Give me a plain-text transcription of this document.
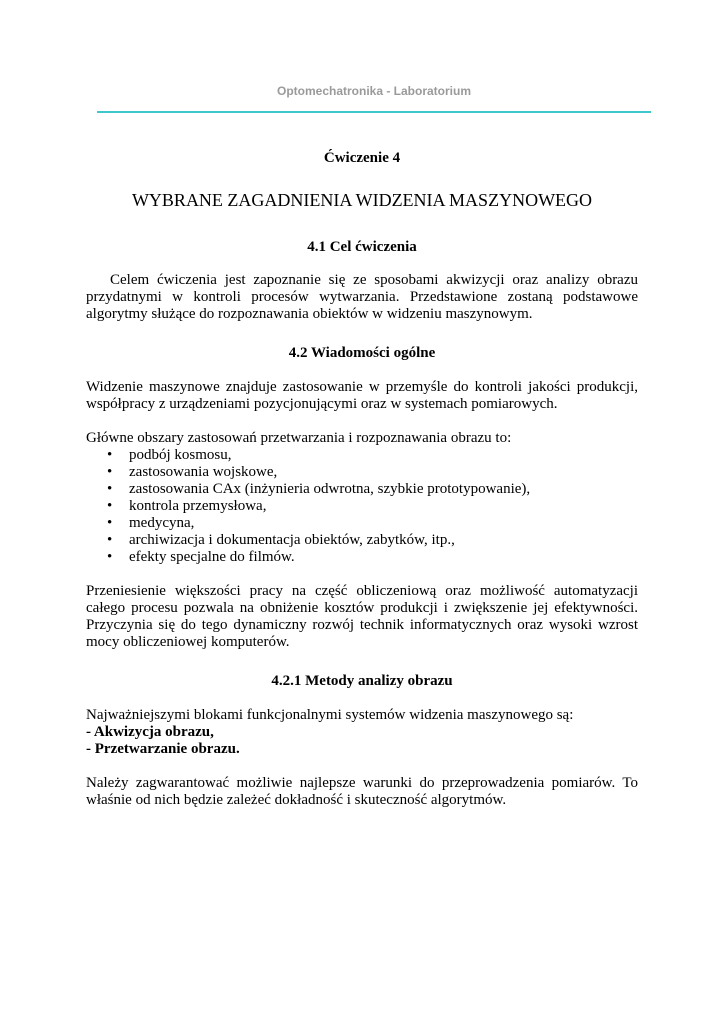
Optomechatronika - Laboratorium
Ćwiczenie 4
WYBRANE ZAGADNIENIA WIDZENIA MASZYNOWEGO
4.1 Cel ćwiczenia

Celem ćwiczenia jest zapoznanie się ze sposobami akwizycji oraz analizy obrazu przydatnymi w kontroli procesów wytwarzania. Przedstawione zostaną podstawowe algorytmy służące do rozpoznawania obiektów w widzeniu maszynowym.

4.2 Wiadomości ogólne

Widzenie maszynowe znajduje zastosowanie w przemyśle do kontroli jakości produkcji, współpracy z urządzeniami pozycjonującymi oraz w systemach pomiarowych.

Główne obszary zastosowań przetwarzania i rozpoznawania obrazu to:

• podbój kosmosu,
• zastosowania wojskowe,
• zastosowania CAx (inżynieria odwrotna, szybkie prototypowanie),
• kontrola przemysłowa,
• medycyna,
• archiwizacja i dokumentacja obiektów, zabytków, itp.,
• efekty specjalne do filmów.

Przeniesienie większości pracy na część obliczeniową oraz możliwość automatyzacji całego procesu pozwala na obniżenie kosztów produkcji i zwiększenie jej efektywności. Przyczynia się do tego dynamiczny rozwój technik informatycznych oraz wysoki wzrost mocy obliczeniowej komputerów.

4.2.1 Metody analizy obrazu

Najważniejszymi blokami funkcjonalnymi systemów widzenia maszynowego są:

- Akwizycja obrazu,

- Przetwarzanie obrazu.

Należy zagwarantować możliwie najlepsze warunki do przeprowadzenia pomiarów. To właśnie od nich będzie zależeć dokładność i skuteczność algorytmów.
